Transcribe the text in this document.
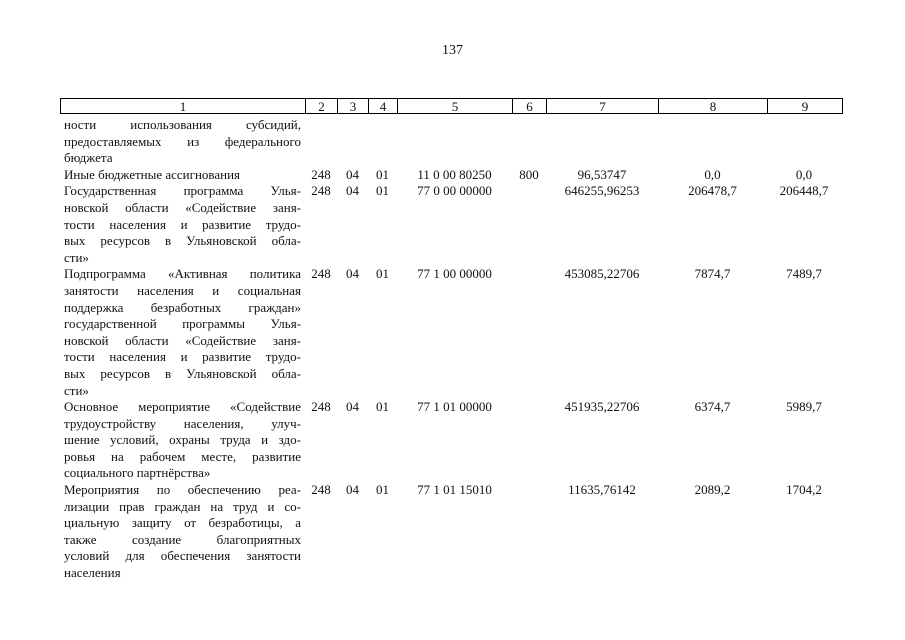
137
1	2	3	4	5	6	7	8	9
ности использования субсидий,
предоставляемых из федерального
бюджета
Иные бюджетные ассигнования	248	04	01	11 0 00 80250	800	96,53747	0,0	0,0
Государственная программа Улья-
новской области «Содействие заня-
тости населения и развитие трудо-
вых ресурсов в Ульяновской обла-
сти»
248	04	01	77 0 00 00000	646255,96253	206478,7	206448,7
Подпрограмма «Активная политика
занятости населения и социальная
поддержка безработных граждан»
государственной программы Улья-
новской области «Содействие заня-
тости населения и развитие трудо-
вых ресурсов в Ульяновской обла-
сти»
248	04	01	77 1 00 00000	453085,22706	7874,7	7489,7
Основное мероприятие «Содействие
трудоустройству населения, улуч-
шение условий, охраны труда и здо-
ровья на рабочем месте, развитие
социального партнёрства»
248	04	01	77 1 01 00000	451935,22706	6374,7	5989,7
Мероприятия по обеспечению реа-
лизации прав граждан на труд и со-
циальную защиту от безработицы, а
также создание благоприятных
условий для обеспечения занятости
населения
248	04	01	77 1 01 15010	11635,76142	2089,2	1704,2
